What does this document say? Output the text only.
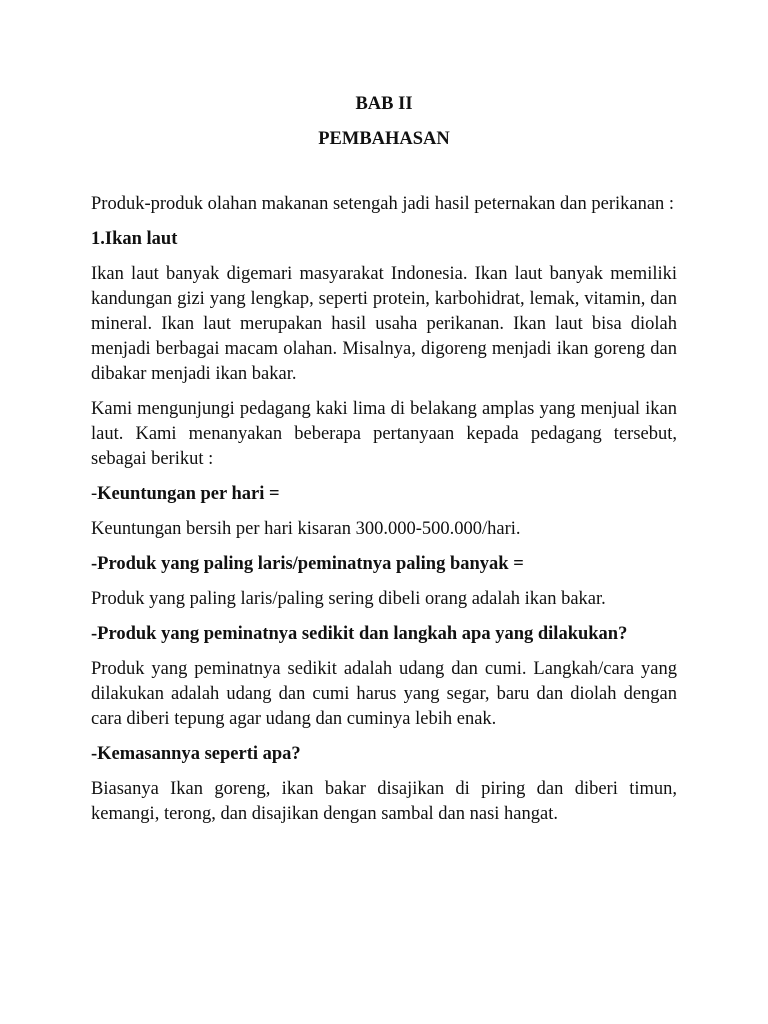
BAB II

PEMBAHASAN

Produk-produk olahan makanan setengah jadi hasil peternakan dan perikanan :

1.Ikan laut

Ikan laut banyak digemari masyarakat Indonesia. Ikan laut banyak memiliki kandungan gizi yang lengkap, seperti protein, karbohidrat, lemak, vitamin, dan mineral. Ikan laut merupakan hasil usaha perikanan. Ikan laut bisa diolah menjadi berbagai macam olahan. Misalnya, digoreng menjadi ikan goreng dan dibakar menjadi ikan bakar.

Kami mengunjungi pedagang kaki lima di belakang amplas yang menjual ikan laut. Kami menanyakan beberapa pertanyaan kepada pedagang tersebut, sebagai berikut :

-Keuntungan per hari =

Keuntungan bersih per hari kisaran 300.000-500.000/hari.

-Produk yang paling laris/peminatnya paling banyak =

Produk yang paling laris/paling sering dibeli orang adalah ikan bakar.

-Produk yang peminatnya sedikit dan langkah apa yang dilakukan?

Produk yang peminatnya sedikit adalah udang dan cumi. Langkah/cara yang dilakukan adalah udang dan cumi harus yang segar, baru dan diolah dengan cara diberi tepung agar udang dan cuminya lebih enak.

-Kemasannya seperti apa?

Biasanya Ikan goreng, ikan bakar disajikan di piring dan diberi timun, kemangi, terong, dan disajikan dengan sambal dan nasi hangat.
